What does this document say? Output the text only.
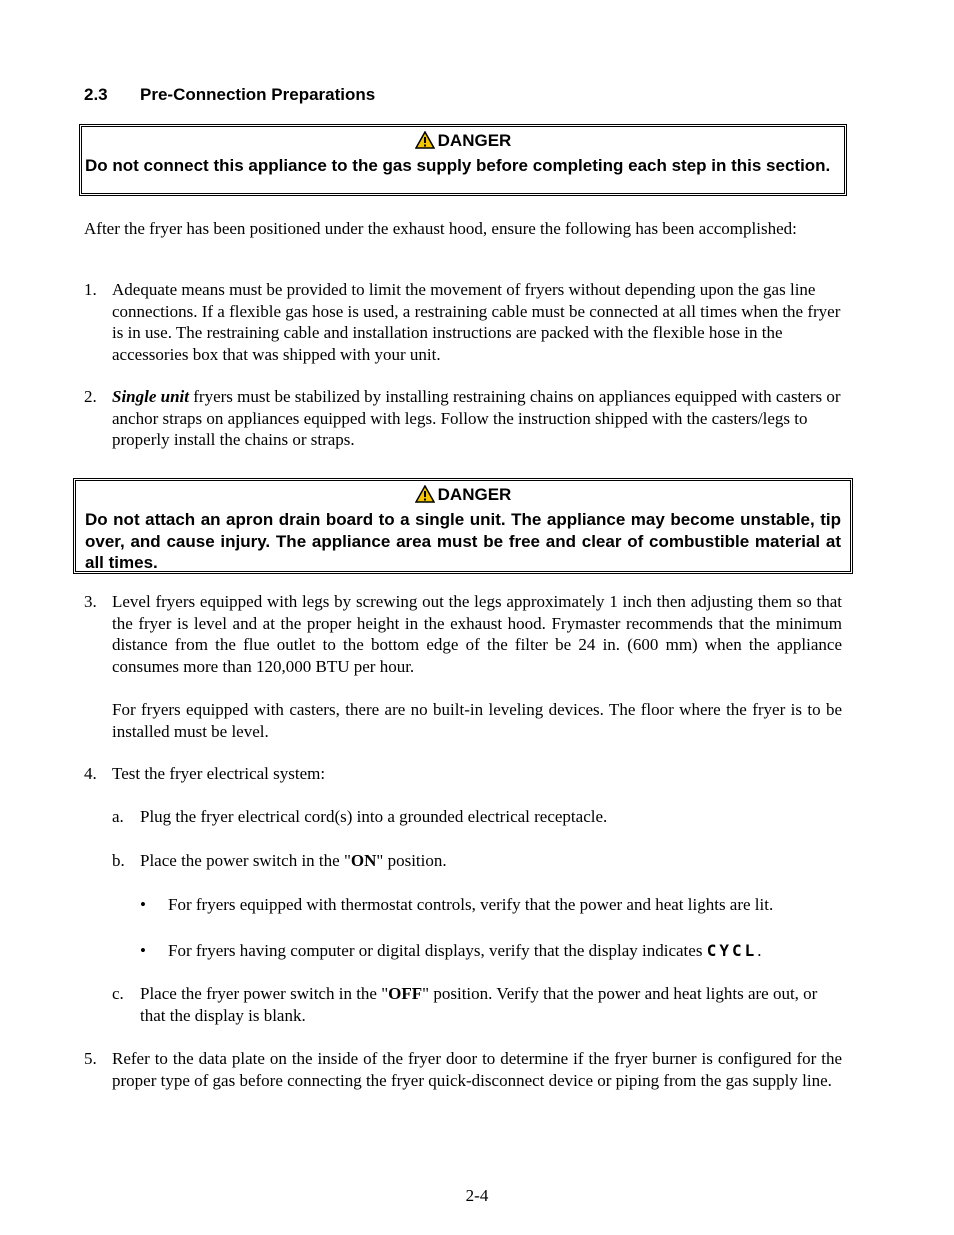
2.3 Pre-Connection Preparations
DANGER
Do not connect this appliance to the gas supply before completing each step in this section.
After the fryer has been positioned under the exhaust hood, ensure the following has been accomplished:
1. Adequate means must be provided to limit the movement of fryers without depending upon the gas line connections. If a flexible gas hose is used, a restraining cable must be connected at all times when the fryer is in use. The restraining cable and installation instructions are packed with the flexible hose in the accessories box that was shipped with your unit.
2. Single unit fryers must be stabilized by installing restraining chains on appliances equipped with casters or anchor straps on appliances equipped with legs. Follow the instruction shipped with the casters/legs to properly install the chains or straps.
DANGER
Do not attach an apron drain board to a single unit. The appliance may become unstable, tip over, and cause injury. The appliance area must be free and clear of combustible material at all times.
3. Level fryers equipped with legs by screwing out the legs approximately 1 inch then adjusting them so that the fryer is level and at the proper height in the exhaust hood. Frymaster recommends that the minimum distance from the flue outlet to the bottom edge of the filter be 24 in. (600 mm) when the appliance consumes more than 120,000 BTU per hour.
For fryers equipped with casters, there are no built-in leveling devices. The floor where the fryer is to be installed must be level.
4. Test the fryer electrical system:
a. Plug the fryer electrical cord(s) into a grounded electrical receptacle.
b. Place the power switch in the "ON" position.
• For fryers equipped with thermostat controls, verify that the power and heat lights are lit.
• For fryers having computer or digital displays, verify that the display indicates CYCL.
c. Place the fryer power switch in the "OFF" position. Verify that the power and heat lights are out, or that the display is blank.
5. Refer to the data plate on the inside of the fryer door to determine if the fryer burner is configured for the proper type of gas before connecting the fryer quick-disconnect device or piping from the gas supply line.
2-4
